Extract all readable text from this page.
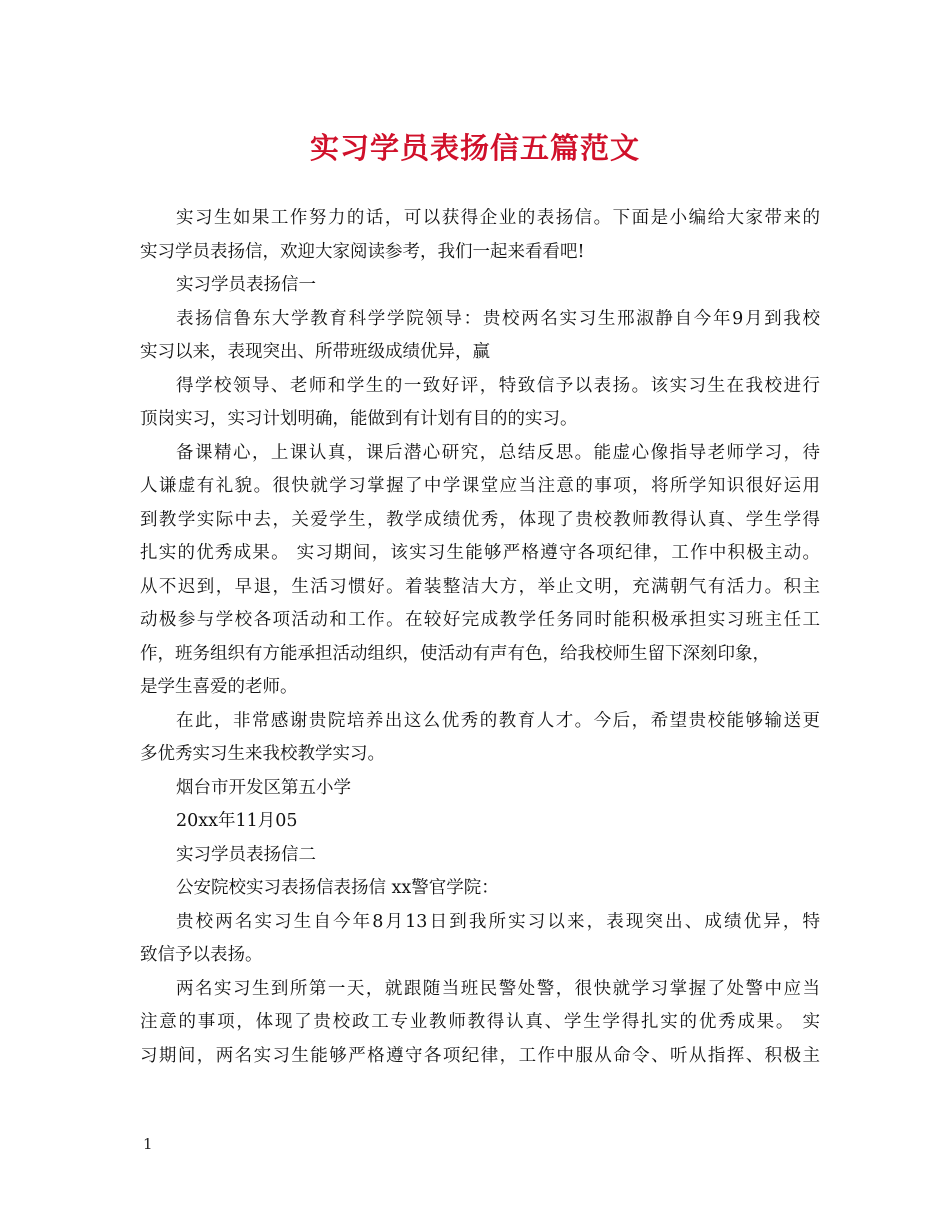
实习学员表扬信五篇范文
实习生如果工作努力的话，可以获得企业的表扬信。下面是小编给大家带来的
实习学员表扬信，欢迎大家阅读参考，我们一起来看看吧!
实习学员表扬信一
表扬信鲁东大学教育科学学院领导：贵校两名实习生邢淑静自今年9月到我校
实习以来，表现突出、所带班级成绩优异，赢
得学校领导、老师和学生的一致好评，特致信予以表扬。该实习生在我校进行
顶岗实习，实习计划明确，能做到有计划有目的的实习。
备课精心，上课认真，课后潜心研究，总结反思。能虚心像指导老师学习，待
人谦虚有礼貌。很快就学习掌握了中学课堂应当注意的事项，将所学知识很好运用
到教学实际中去，关爱学生，教学成绩优秀，体现了贵校教师教得认真、学生学得
扎实的优秀成果。 实习期间，该实习生能够严格遵守各项纪律，工作中积极主动。
从不迟到，早退，生活习惯好。着装整洁大方，举止文明，充满朝气有活力。积主
动极参与学校各项活动和工作。在较好完成教学任务同时能积极承担实习班主任工
作，班务组织有方能承担活动组织，使活动有声有色，给我校师生留下深刻印象，
是学生喜爱的老师。
在此，非常感谢贵院培养出这么优秀的教育人才。今后，希望贵校能够输送更
多优秀实习生来我校教学实习。
烟台市开发区第五小学
20xx年11月05
实习学员表扬信二
公安院校实习表扬信表扬信 xx警官学院：
贵校两名实习生自今年8月13日到我所实习以来，表现突出、成绩优异，特
致信予以表扬。
两名实习生到所第一天，就跟随当班民警处警，很快就学习掌握了处警中应当
注意的事项，体现了贵校政工专业教师教得认真、学生学得扎实的优秀成果。 实
习期间，两名实习生能够严格遵守各项纪律，工作中服从命令、听从指挥、积极主
1
